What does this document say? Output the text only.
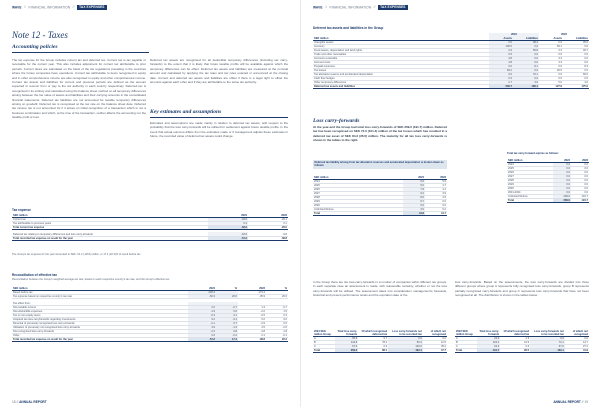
WAVE // FINANCIAL INFORMATION // TAX EXPENSES
Note 12 - Taxes
Accounting policies
The tax expense for the Group includes current tax and deferred tax. Current tax is tax payable or receivable for the current year. This also includes adjustment for current tax attributable to prior periods. Current taxes are calculated on the basis of the tax regulations prevailing in the countries where the Group companies have operations. Current tax attributable to items recognised in equity and in other comprehensive income are also recognised in equity and other comprehensive income. Current tax assets and liabilities for current and previous periods are defined as the amount expected to recover from or pay to the tax authority in each country respectively. Deferred tax is recognised in its entirety and calculated using the balance sheet method on all temporary differences arising between the tax value of assets and liabilities and their carrying amounts in the consolidated financial statements. Deferred tax liabilities are not accounted for taxable temporary differences arising on goodwill. Deferred tax is recognised at the tax rate on the balance sheet date. Deferred tax income tax is not accounted for if it arises on initial recognition of a transaction which is not a business combination and which, at the time of the transaction, neither affects the accounting nor the taxable profit or loss.
Deferred tax assets are recognised for all deductible temporary differences (including tax carry-forwards) to the extent that it is likely that future taxable profits will be available against which the temporary differences can be offset. Deferred tax assets and liabilities are measured at the nominal amount and calculated by applying the tax rates and tax rules enacted or announced at the closing date. Current and deferred tax assets and liabilities are offset if there is a legal right to offset the amounts against each other and if they are attributable to the same tax authority.
Key estimates and assumptions
Estimates and assumptions are made mainly in relation to deferred tax assets, with respect to the probability that the loss carry-forwards will be utilised for settlement against future taxable profits. In the event that actual outcome differs from the estimates made or if management adjusts these estimates in future, the recorded value of deferred tax assets could change.
Tax expense
SEK million	2024	2023
Current tax	-33.6	-29.1
Tax attributable to previous years	0.4	0.1
Total current tax expense	-33.2	-29.0

Deferred tax relating to temporary differences and loss carry-forwards	-18.0	-9.8
Total recorded tax expense on result for the year	-51.2	-38.8
The Group's tax expense for the year amounted to SEK -51.2 (-38.8) million, or 17.4 (22.3)% of result before tax.
Reconciliation of effective tax
Reconciliation between the Group's weighted average tax rate, based on each respective country's tax rate, and the Group's effective tax:
SEK million	2024	%	2023	%
Result before tax	293.4		174.4	
Tax expense based on respective country's tax rate	-60.3	20.6	-35.9	20.6

Tax effect from:				
Non-taxable income	2.0	-0.7	1.3	-0.7
Non-deductible expenses	-1.9	0.6	-2.6	1.5
Tax on non-equity items	-0.3	0.1	-0.5	0.3
Acquired tax-loss carryforwards regarding investments	9.2	-3.1	0.0	0.0
Reversal of previously recognised loss carry-forwards	-2.1	0.7	-0.9	0.5
Utilisation of previously not recognised loss carry-forwards	3.9	-1.3	4.5	-2.6
Non-recognised loss carry-forwards	-2.3	0.8	-4.8	2.8
Other	0.6	-0.2	0.1	-0.1
Total recorded tax expense on result for the year	-51.2	17.4	-38.8	22.3
18 // ANNUAL REPORT
WAVE // FINANCIAL INFORMATION // TAX EXPENSES
Deferred tax assets and liabilities in the Group
	2024		2023	
SEK million	Assets	Liabilities	Assets	Liabilities
Intangible assets	0.0	38.4	0.0	45.6
Inventory	100.5	0.0	83.1	0.0
Fixed assets, depreciation and land rights	2.9	55.8	3.3	49.7
Trade and other receivables	0.5	0.0	0.6	0.0
Accounts receivable	4.8	0.0	4.4	0.0
Accrued costs	4.8	0.0	4.3	0.0
Prepaid expenses	0.0	8.1	0.0	8.3
Tax losses	84.2	0.0	26.5	0.0
Tax allocation reserve and accelerated depreciation	0.0	76.1	0.0	66.6
Cash flow hedges	0.3	0.0	0.0	0.6
Other temporary differences	2.7	3.6	5.0	4.0
Deferred tax assets and liabilities	230.7	182.1	127.9	175.0
Loss carry-forwards
At the year-end the Group had total loss carry-forwards of SEK 269.0 (191.7) million. Deferred tax has been recognised on SEK 74.0 (101.4) million of the tax losses which has resulted in a deferred tax asset of SEK 84.2 (26.5) million. The maturity for all tax loss carry-forwards is shown in the tables to the right.
Deferred tax liability arising from tax allocation reserves and accelerated depreciation is broken down as follows:
SEK million	2024	2023
2024	0.0	5.6
2025	6.0	4.7
2026	7.9	4.4
2027	9.2	3.9
2028	8.6	4.5
2029	9.7	0.0
2030	0.0	0.0
Unlimited lifetime	3.6	6.2
Total	44.8	41.7
Total tax carry-forward expires as follows:
SEK million	2024	2023
2024	0.0	0.0
2025	0.0	0.0
2026	0.0	0.0
2027	0.0	0.0
2028	0.0	0.0
2029	0.0	0.0
2030	0.0	0.0
2031-2034	0.0	0.0
Unlimited lifetime	269.0	191.7
Total	269.0	191.7
In the Group there are tax loss-carry-forwards in a number of companies within different tax groups. In each separate case an assessment is made, with reasonable certainty, whether or not the loss carry-forwards will be utilised. The assessment takes into consideration management's forecasts, historical and present performance levels and the expiration date of the
loss carry-forwards. Based on the assessments, the loss carry-forwards are divided into three different groups where group A represents fully recognised loss carry-forwards, group B represents partially recognised carry-forwards and group C represents loss carry-forwards that have not been recognised at all. The distribution is shown in the tables below.
2024 SEK million Group	Total loss carry-forwards	Of which recognised deferred tax	Loss carry-forwards not to be recorded tax	of which not recognised
A	56.6	9.7	0.0	0.0
B	144.8	78.4	56.4	12.5
C	67.6	0.0	136.0	35.2
Total	269.0	88.1	192.4	47.7
2023 SEK million Group	Total loss carry-forwards	Of which recognised deferred tax	Loss carry-forwards not to be recorded tax	of which not recognised
A	24.0	4.6	0.0	0.0
B	103.4	21.9	72.1	14.7
C	64.3	0.0	67.0	27.2
Total	191.7	26.5	139.1	41.9
ANNUAL REPORT // 19
